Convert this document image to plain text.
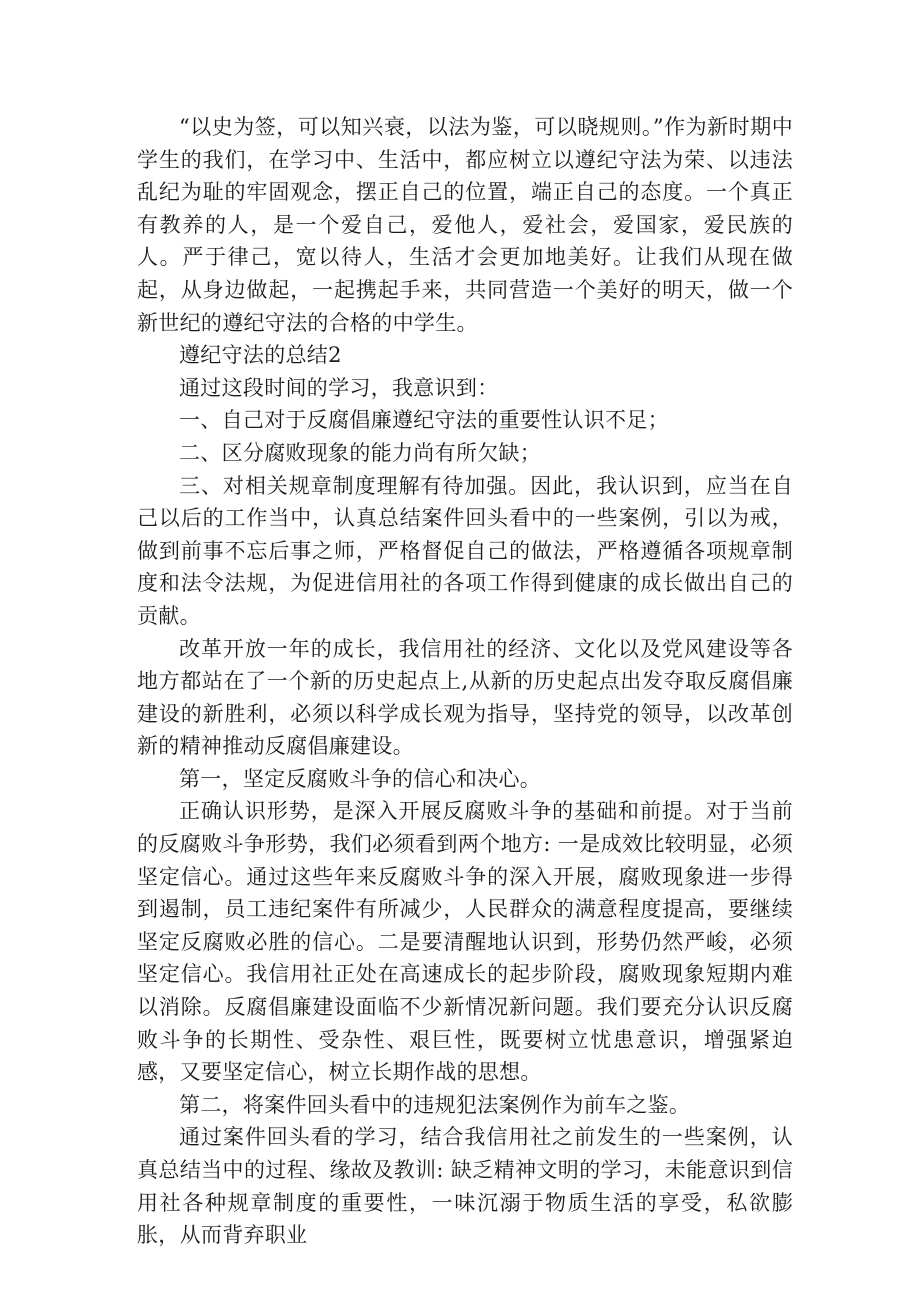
“以史为签，可以知兴衰，以法为鉴，可以晓规则。”作为新时期中学生的我们，在学习中、生活中，都应树立以遵纪守法为荣、以违法乱纪为耻的牢固观念，摆正自己的位置，端正自己的态度。一个真正有教养的人，是一个爱自己，爱他人，爱社会，爱国家，爱民族的人。严于律己，宽以待人，生活才会更加地美好。让我们从现在做起，从身边做起，一起携起手来，共同营造一个美好的明天，做一个新世纪的遵纪守法的合格的中学生。

遵纪守法的总结2

通过这段时间的学习，我意识到：

一、自己对于反腐倡廉遵纪守法的重要性认识不足；

二、区分腐败现象的能力尚有所欠缺；

三、对相关规章制度理解有待加强。因此，我认识到，应当在自己以后的工作当中，认真总结案件回头看中的一些案例，引以为戒，做到前事不忘后事之师，严格督促自己的做法，严格遵循各项规章制度和法令法规，为促进信用社的各项工作得到健康的成长做出自己的贡献。

改革开放一年的成长，我信用社的经济、文化以及党风建设等各地方都站在了一个新的历史起点上,从新的历史起点出发夺取反腐倡廉建设的新胜利，必须以科学成长观为指导，坚持党的领导，以改革创新的精神推动反腐倡廉建设。

第一，坚定反腐败斗争的信心和决心。

正确认识形势，是深入开展反腐败斗争的基础和前提。对于当前的反腐败斗争形势，我们必须看到两个地方: 一是成效比较明显，必须坚定信心。通过这些年来反腐败斗争的深入开展，腐败现象进一步得到遏制，员工违纪案件有所减少，人民群众的满意程度提高，要继续坚定反腐败必胜的信心。二是要清醒地认识到，形势仍然严峻，必须坚定信心。我信用社正处在高速成长的起步阶段，腐败现象短期内难以消除。反腐倡廉建设面临不少新情况新问题。我们要充分认识反腐败斗争的长期性、受杂性、艰巨性，既要树立忧患意识，增强紧迫感，又要坚定信心，树立长期作战的思想。

第二，将案件回头看中的违规犯法案例作为前车之鉴。

通过案件回头看的学习，结合我信用社之前发生的一些案例，认真总结当中的过程、缘故及教训: 缺乏精神文明的学习，未能意识到信用社各种规章制度的重要性，一味沉溺于物质生活的享受，私欲膨胀，从而背弃职业
